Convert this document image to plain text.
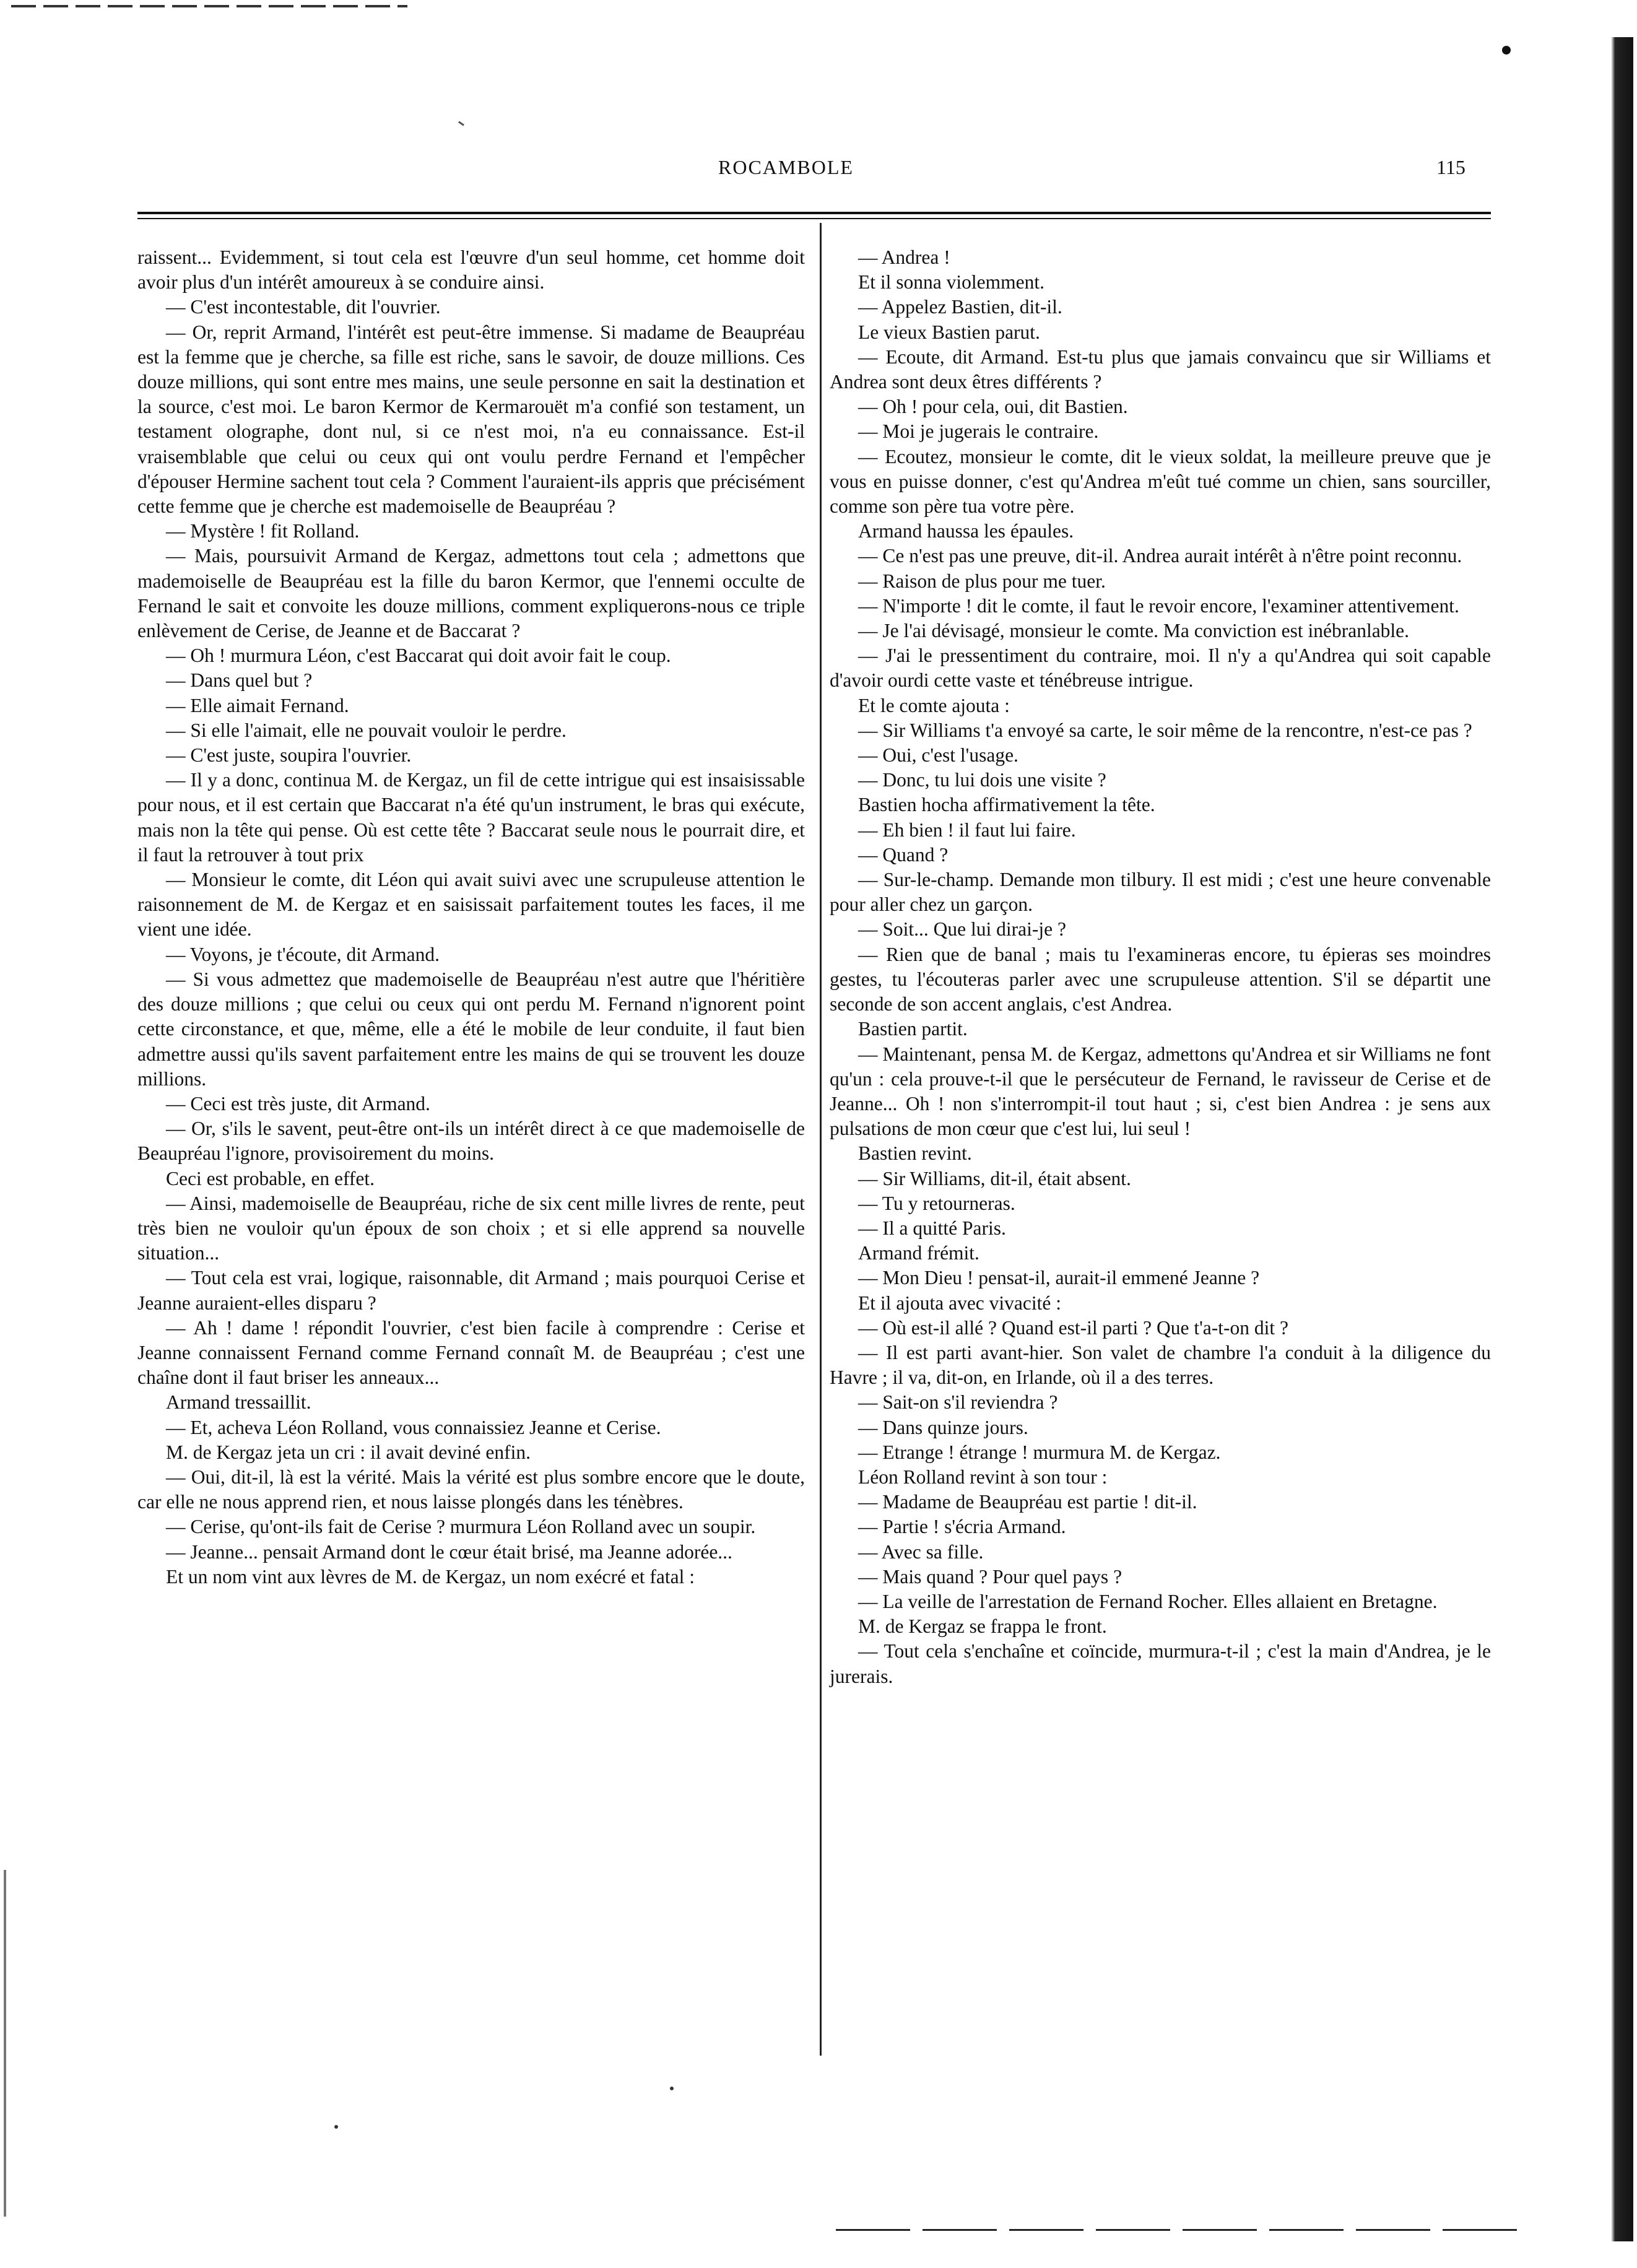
ROCAMBOLE	115

raissent... Evidemment, si tout cela est l'œuvre d'un seul homme, cet homme doit avoir plus d'un intérêt amoureux à se conduire ainsi.

— C'est incontestable, dit l'ouvrier.

— Or, reprit Armand, l'intérêt est peut-être immense. Si madame de Beaupréau est la femme que je cherche, sa fille est riche, sans le savoir, de douze millions. Ces douze millions, qui sont entre mes mains, une seule personne en sait la destination et la source, c'est moi. Le baron Kermor de Kermarouët m'a confié son testament, un testament olographe, dont nul, si ce n'est moi, n'a eu connaissance. Est-il vraisemblable que celui ou ceux qui ont voulu perdre Fernand et l'empêcher d'épouser Hermine sachent tout cela ? Comment l'auraient-ils appris que précisément cette femme que je cherche est mademoiselle de Beaupréau ?

— Mystère ! fit Rolland.

— Mais, poursuivit Armand de Kergaz, admettons tout cela ; admettons que mademoiselle de Beaupréau est la fille du baron Kermor, que l'ennemi occulte de Fernand le sait et convoite les douze millions, comment expliquerons-nous ce triple enlèvement de Cerise, de Jeanne et de Baccarat ?

— Oh ! murmura Léon, c'est Baccarat qui doit avoir fait le coup.

— Dans quel but ?

— Elle aimait Fernand.

— Si elle l'aimait, elle ne pouvait vouloir le perdre.

— C'est juste, soupira l'ouvrier.

— Il y a donc, continua M. de Kergaz, un fil de cette intrigue qui est insaisissable pour nous, et il est certain que Baccarat n'a été qu'un instrument, le bras qui exécute, mais non la tête qui pense. Où est cette tête ? Baccarat seule nous le pourrait dire, et il faut la retrouver à tout prix

— Monsieur le comte, dit Léon qui avait suivi avec une scrupuleuse attention le raisonnement de M. de Kergaz et en saisissait parfaitement toutes les faces, il me vient une idée.

— Voyons, je t'écoute, dit Armand.

— Si vous admettez que mademoiselle de Beaupréau n'est autre que l'héritière des douze millions ; que celui ou ceux qui ont perdu M. Fernand n'ignorent point cette circonstance, et que, même, elle a été le mobile de leur conduite, il faut bien admettre aussi qu'ils savent parfaitement entre les mains de qui se trouvent les douze millions.

— Ceci est très juste, dit Armand.

— Or, s'ils le savent, peut-être ont-ils un intérêt direct à ce que mademoiselle de Beaupréau l'ignore, provisoirement du moins.

Ceci est probable, en effet.

— Ainsi, mademoiselle de Beaupréau, riche de six cent mille livres de rente, peut très bien ne vouloir qu'un époux de son choix ; et si elle apprend sa nouvelle situation...

— Tout cela est vrai, logique, raisonnable, dit Armand ; mais pourquoi Cerise et Jeanne auraient-elles disparu ?

— Ah ! dame ! répondit l'ouvrier, c'est bien facile à comprendre : Cerise et Jeanne connaissent Fernand comme Fernand connaît M. de Beaupréau ; c'est une chaîne dont il faut briser les anneaux...

Armand tressaillit.

— Et, acheva Léon Rolland, vous connaissiez Jeanne et Cerise.

M. de Kergaz jeta un cri : il avait deviné enfin.

— Oui, dit-il, là est la vérité. Mais la vérité est plus sombre encore que le doute, car elle ne nous apprend rien, et nous laisse plongés dans les ténèbres.

— Cerise, qu'ont-ils fait de Cerise ? murmura Léon Rolland avec un soupir.

— Jeanne... pensait Armand dont le cœur était brisé, ma Jeanne adorée...

Et un nom vint aux lèvres de M. de Kergaz, un nom exécré et fatal :

— Andrea !

Et il sonna violemment.

— Appelez Bastien, dit-il.

Le vieux Bastien parut.

— Ecoute, dit Armand. Est-tu plus que jamais convaincu que sir Williams et Andrea sont deux êtres différents ?

— Oh ! pour cela, oui, dit Bastien.

— Moi je jugerais le contraire.

— Ecoutez, monsieur le comte, dit le vieux soldat, la meilleure preuve que je vous en puisse donner, c'est qu'Andrea m'eût tué comme un chien, sans sourciller, comme son père tua votre père.

Armand haussa les épaules.

— Ce n'est pas une preuve, dit-il. Andrea aurait intérêt à n'être point reconnu.

— Raison de plus pour me tuer.

— N'importe ! dit le comte, il faut le revoir encore, l'examiner attentivement.

— Je l'ai dévisagé, monsieur le comte. Ma conviction est inébranlable.

— J'ai le pressentiment du contraire, moi. Il n'y a qu'Andrea qui soit capable d'avoir ourdi cette vaste et ténébreuse intrigue.

Et le comte ajouta :

— Sir Williams t'a envoyé sa carte, le soir même de la rencontre, n'est-ce pas ?

— Oui, c'est l'usage.

— Donc, tu lui dois une visite ?

Bastien hocha affirmativement la tête.

— Eh bien ! il faut lui faire.

— Quand ?

— Sur-le-champ. Demande mon tilbury. Il est midi ; c'est une heure convenable pour aller chez un garçon.

— Soit... Que lui dirai-je ?

— Rien que de banal ; mais tu l'examineras encore, tu épieras ses moindres gestes, tu l'écouteras parler avec une scrupuleuse attention. S'il se départit une seconde de son accent anglais, c'est Andrea.

Bastien partit.

— Maintenant, pensa M. de Kergaz, admettons qu'Andrea et sir Williams ne font qu'un : cela prouve-t-il que le persécuteur de Fernand, le ravisseur de Cerise et de Jeanne... Oh ! non s'interrompit-il tout haut ; si, c'est bien Andrea : je sens aux pulsations de mon cœur que c'est lui, lui seul !

Bastien revint.

— Sir Williams, dit-il, était absent.

— Tu y retourneras.

— Il a quitté Paris.

Armand frémit.

— Mon Dieu ! pensat-il, aurait-il emmené Jeanne ?

Et il ajouta avec vivacité :

— Où est-il allé ? Quand est-il parti ? Que t'a-t-on dit ?

— Il est parti avant-hier. Son valet de chambre l'a conduit à la diligence du Havre ; il va, dit-on, en Irlande, où il a des terres.

— Sait-on s'il reviendra ?

— Dans quinze jours.

— Etrange ! étrange ! murmura M. de Kergaz.

Léon Rolland revint à son tour :

— Madame de Beaupréau est partie ! dit-il.

— Partie ! s'écria Armand.

— Avec sa fille.

— Mais quand ? Pour quel pays ?

— La veille de l'arrestation de Fernand Rocher. Elles allaient en Bretagne.

M. de Kergaz se frappa le front.

— Tout cela s'enchaîne et coïncide, murmura-t-il ; c'est la main d'Andrea, je le jurerais.
